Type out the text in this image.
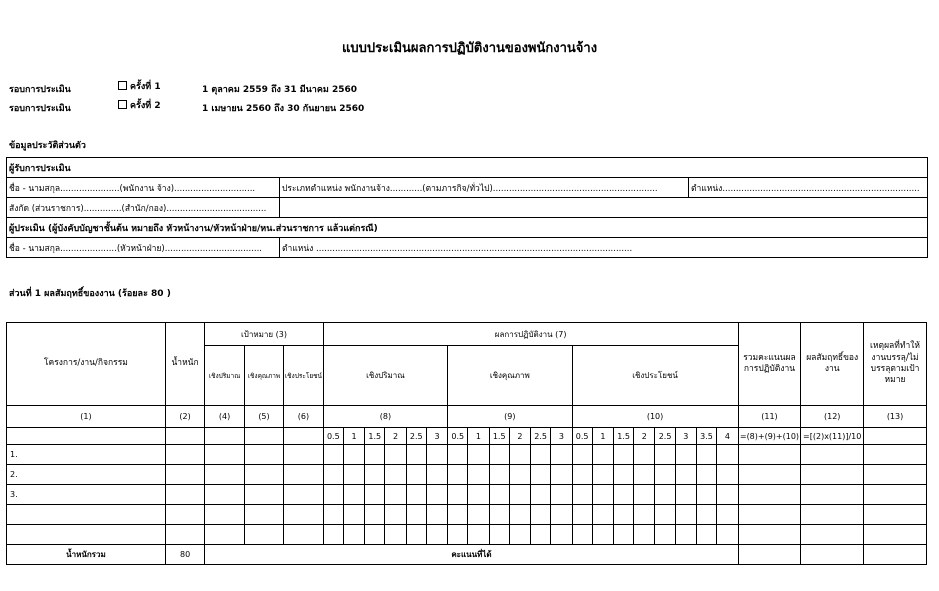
แบบประเมินผลการปฏิบัติงานของพนักงานจ้าง
รอบการประเมิน	ครั้งที่ 1	1 ตุลาคม 2559 ถึง 31 มีนาคม 2560
รอบการประเมิน	ครั้งที่ 2	1 เมษายน 2560 ถึง 30 กันยายน 2560
ข้อมูลประวัติส่วนตัว
ผู้รับการประเมิน		
ชื่อ - นามสกุล......................(พนักงาน จ้าง)..............................	ประเภทตำแหน่ง พนักงานจ้าง............(ตามภารกิจ/ทั่วไป).............................................................	ตำแหน่ง.........................................................................
สังกัด (ส่วนราชการ)..............(สำนัก/กอง).....................................		
ผู้ประเมิน (ผู้บังคับบัญชาชั้นต้น หมายถึง หัวหน้างาน/หัวหน้าฝ่าย/หน.ส่วนราชการ แล้วแต่กรณี)		
ชื่อ - นามสกุล.....................(หัวหน้าฝ่าย)....................................	ตำแหน่ง .....................................................................................................................	
ส่วนที่ 1 ผลสัมฤทธิ์ของงาน (ร้อยละ 80 )
โครงการ/งาน/กิจกรรม	น้ำหนัก	เป้าหมาย (3)			ผลการปฏิบัติงาน (7)																				รวมคะแนนผลการปฏิบัติงาน	ผลสัมฤทธิ์ของงาน	เหตุผลที่ทำให้งานบรรลุ/ไม่บรรลุตามเป้าหมาย
		เชิงปริมาณ	เชิงคุณภาพ	เชิงประโยชน์	เชิงปริมาณ						เชิงคุณภาพ						เชิงประโยชน์										
(1)	(2)	(4)	(5)	(6)	(8)						(9)						(10)								(11)	(12)	(13)
					0.5	1	1.5	2	2.5	3	0.5	1	1.5	2	2.5	3	0.5	1	1.5	2	2.5	3	3.5	4	=(8)+(9)+(10)	=[(2)x(11)]/10	
1.																											
2.																											
3.																											

น้ำหนักรวม	80	คะแนนที่ได้																									
